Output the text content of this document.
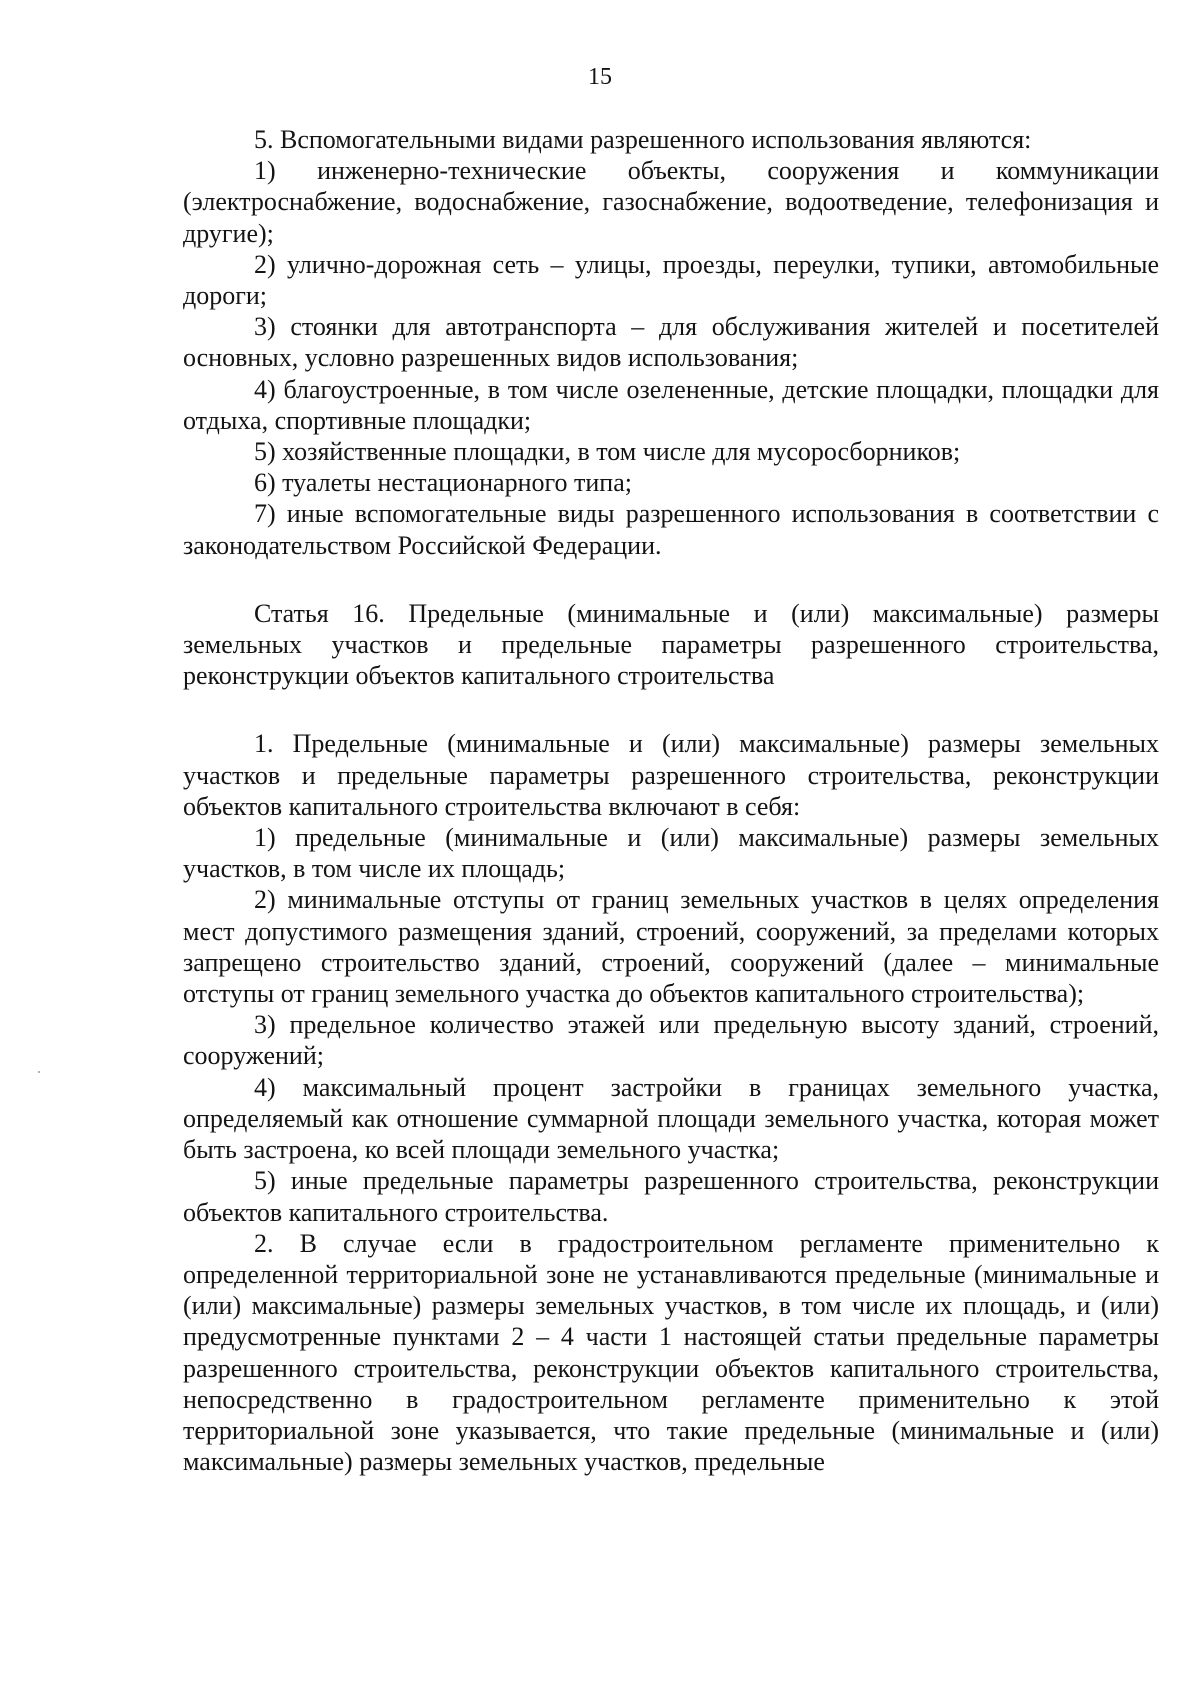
15

5. Вспомогательными видами разрешенного использования являются:

1) инженерно-технические объекты, сооружения и коммуникации (электроснабжение, водоснабжение, газоснабжение, водоотведение, телефонизация и другие);

2) улично-дорожная сеть – улицы, проезды, переулки, тупики, автомобильные дороги;

3) стоянки для автотранспорта – для обслуживания жителей и посетителей основных, условно разрешенных видов использования;

4) благоустроенные, в том числе озелененные, детские площадки, площадки для отдыха, спортивные площадки;

5) хозяйственные площадки, в том числе для мусоросборников;

6) туалеты нестационарного типа;

7) иные вспомогательные виды разрешенного использования в соответствии с законодательством Российской Федерации.

Статья 16. Предельные (минимальные и (или) максимальные) размеры земельных участков и предельные параметры разрешенного строительства, реконструкции объектов капитального строительства

1. Предельные (минимальные и (или) максимальные) размеры земельных участков и предельные параметры разрешенного строительства, реконструкции объектов капитального строительства включают в себя:

1) предельные (минимальные и (или) максимальные) размеры земельных участков, в том числе их площадь;

2) минимальные отступы от границ земельных участков в целях определения мест допустимого размещения зданий, строений, сооружений, за пределами которых запрещено строительство зданий, строений, сооружений (далее – минимальные отступы от границ земельного участка до объектов капитального строительства);

3) предельное количество этажей или предельную высоту зданий, строений, сооружений;

4) максимальный процент застройки в границах земельного участка, определяемый как отношение суммарной площади земельного участка, которая может быть застроена, ко всей площади земельного участка;

5) иные предельные параметры разрешенного строительства, реконструкции объектов капитального строительства.

2. В случае если в градостроительном регламенте применительно к определенной территориальной зоне не устанавливаются предельные (минимальные и (или) максимальные) размеры земельных участков, в том числе их площадь, и (или) предусмотренные пунктами 2 – 4 части 1 настоящей статьи предельные параметры разрешенного строительства, реконструкции объектов капитального строительства, непосредственно в градостроительном регламенте применительно к этой территориальной зоне указывается, что такие предельные (минимальные и (или) максимальные) размеры земельных участков, предельные
